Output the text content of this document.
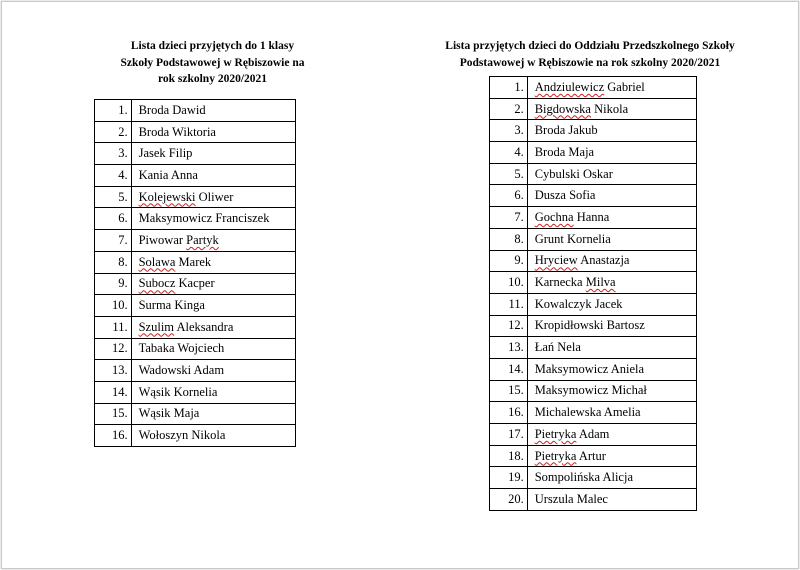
Lista dzieci przyjętych do 1 klasy
Szkoły Podstawowej w Rębiszowie na
rok szkolny 2020/2021
Lista przyjętych dzieci do Oddziału Przedszkolnego Szkoły
Podstawowej w Rębiszowie na rok szkolny 2020/2021
1.	Broda Dawid
2.	Broda Wiktoria
3.	Jasek Filip
4.	Kania Anna
5.	Kolejewski Oliwer
6.	Maksymowicz Franciszek
7.	Piwowar Partyk
8.	Solawa Marek
9.	Subocz Kacper
10.	Surma Kinga
11.	Szulim Aleksandra
12.	Tabaka Wojciech
13.	Wadowski Adam
14.	Wąsik Kornelia
15.	Wąsik Maja
16.	Wołoszyn Nikola
1.	Andziulewicz Gabriel
2.	Bigdowska Nikola
3.	Broda Jakub
4.	Broda Maja
5.	Cybulski Oskar
6.	Dusza Sofia
7.	Gochna Hanna
8.	Grunt Kornelia
9.	Hryciew Anastazja
10.	Karnecka Milva
11.	Kowalczyk Jacek
12.	Kropidłowski Bartosz
13.	Łań Nela
14.	Maksymowicz Aniela
15.	Maksymowicz Michał
16.	Michalewska Amelia
17.	Pietryka Adam
18.	Pietryka Artur
19.	Sompolińska Alicja
20.	Urszula Malec
